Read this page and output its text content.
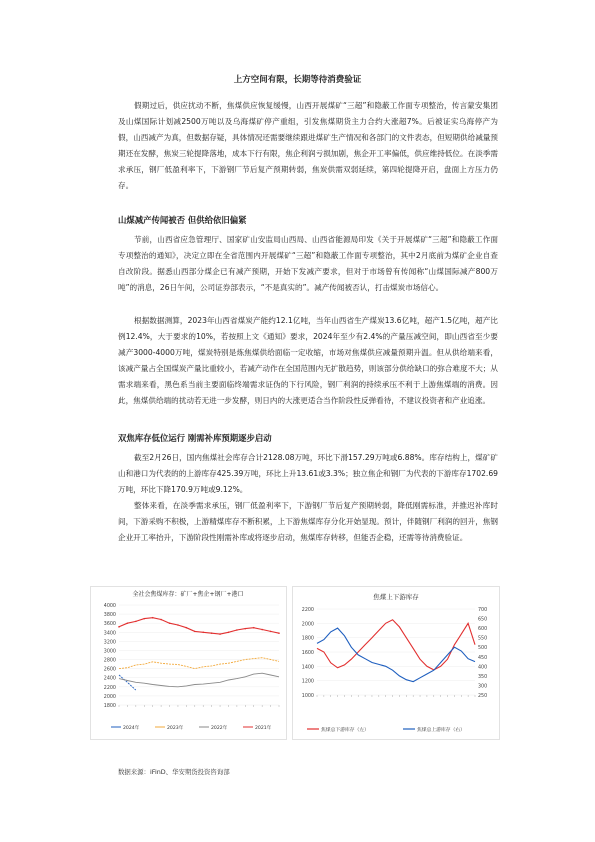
上方空间有限，长期等待消费验证

假期过后，供应扰动不断，焦煤供应恢复缓慢，山西开展煤矿“三超”和隐蔽工作面专项整治，传言蒙安集团及山煤国际计划减2500万吨以及乌海煤矿停产重组，引发焦煤期货主力合约大涨超7%。后被证实乌海停产为假，山西减产为真，但数据存疑，具体情况还需要继续跟进煤矿生产情况和各部门的文件表态，但短期供给减量预期还在发酵，焦炭三轮提降落地，成本下行有限，焦企利润亏损加剧，焦企开工率偏低，供应维持低位。在淡季需求承压，钢厂低盈利率下，下游钢厂节后复产预期转弱，焦炭供需双弱延续，第四轮提降开启，盘面上方压力仍存。

山煤减产传闻被否 但供给依旧偏紧

节前，山西省应急管理厅、国家矿山安监局山西局、山西省能源局印发《关于开展煤矿“三超”和隐蔽工作面专项整治的通知》，决定立即在全省范围内开展煤矿“三超”和隐蔽工作面专项整治，其中2月底前为煤矿企业自查自改阶段。据悉山西部分煤企已有减产预期，开始下发减产要求，但对于市场曾有传闻称“山煤国际减产800万吨”的消息，26日午间，公司证券部表示，“不是真实的”。减产传闻被否认，打击煤炭市场信心。

根据数据测算，2023年山西省煤炭产能约12.1亿吨，当年山西省生产煤炭13.6亿吨，超产1.5亿吨，超产比例12.4%，大于要求的10%，若按照上文《通知》要求，2024年至少有2.4%的产量压减空间，即山西省至少要减产3000-4000万吨，煤炭特别是炼焦煤供给面临一定收缩，市场对焦煤供应减量预期升温。但从供给端来看，该减产量占全国煤炭产量比重较小，若减产动作在全国范围内无扩散趋势，则该部分供给缺口的弥合难度不大；从需求端来看，黑色系当前主要面临终端需求证伪的下行风险，钢厂利润的持续承压不利于上游焦煤端的消费。因此，焦煤供给端的扰动若无进一步发酵，则日内的大涨更适合当作阶段性反弹看待，不建议投资者和产业追涨。

双焦库存低位运行 刚需补库预期逐步启动

截至2月26日，国内焦煤社会库存合计2128.08万吨，环比下滑157.29万吨或6.88%。库存结构上，煤矿矿山和港口为代表的的上游库存425.39万吨，环比上升13.61或3.3%；独立焦企和钢厂为代表的下游库存1702.69万吨，环比下降170.9万吨或9.12%。

整体来看，在淡季需求承压，钢厂低盈利率下，下游钢厂节后复产预期转弱，降低刚需标准，并推迟补库时间，下游采购不积极，上游精煤库存不断积累，上下游焦煤库存分化开始显现。预计，伴随钢厂利润的回升，焦钢企业开工率抬升，下游阶段性刚需补库或将逐步启动，焦煤库存转移，但能否企稳，还需等待消费验证。

全社会焦煤库存：矿厂+焦企+钢厂+港口
4000
3800
3600
3400
3200
3000
2800
2600
2400
2200
2000
1800
2024年	2023年	2022年	2021年
焦煤上下游库存
2200
2000
1800
1600
1400
1200
1000
700
650
600
550
500
450
400
350
300
250
焦煤总下游库存（左）	焦煤总上游库存（右）
数据来源：iFinD、华安期货投资咨询部
